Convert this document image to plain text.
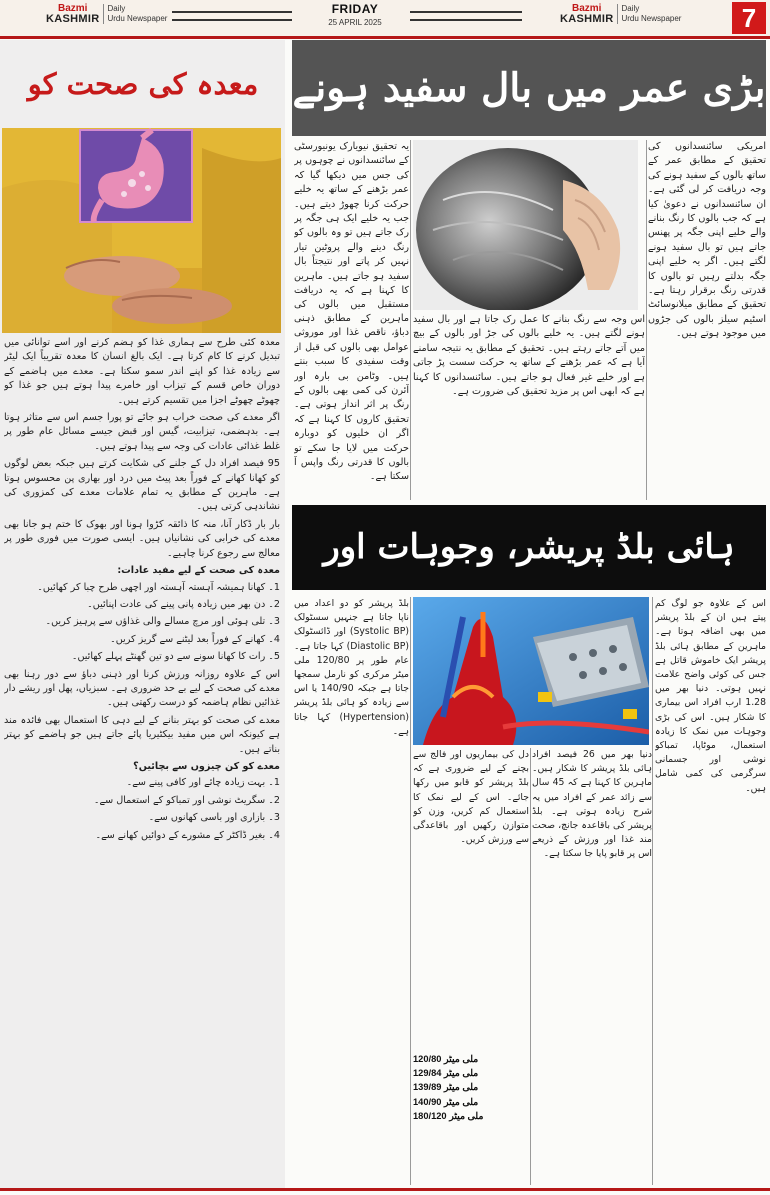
Bazmi
KASHMIR
Daily
Urdu Newspaper
FRIDAY
25 APRIL 2025
Bazmi
KASHMIR
Daily
Urdu Newspaper	7
معدہ کی صحت کو

معدہ کئی طرح سے ہماری غذا کو ہضم کرنے اور اسے توانائی میں تبدیل کرنے کا کام کرتا ہے۔ ایک بالغ انسان کا معدہ تقریباً ایک لیٹر سے زیادہ غذا کو اپنے اندر سمو سکتا ہے۔ معدے میں ہاضمے کے دوران خاص قسم کے تیزاب اور خامرے پیدا ہوتے ہیں جو غذا کو چھوٹے چھوٹے اجزا میں تقسیم کرتے ہیں۔

اگر معدے کی صحت خراب ہو جائے تو پورا جسم اس سے متاثر ہوتا ہے۔ بدہضمی، تیزابیت، گیس اور قبض جیسے مسائل عام طور پر غلط غذائی عادات کی وجہ سے پیدا ہوتے ہیں۔

95 فیصد افراد دل کے جلنے کی شکایت کرتے ہیں جبکہ بعض لوگوں کو کھانا کھانے کے فوراً بعد پیٹ میں درد اور بھاری پن محسوس ہوتا ہے۔ ماہرین کے مطابق یہ تمام علامات معدے کی کمزوری کی نشاندہی کرتی ہیں۔

بار بار ڈکار آنا، منہ کا ذائقہ کڑوا ہونا اور بھوک کا ختم ہو جانا بھی معدے کی خرابی کی نشانیاں ہیں۔ ایسی صورت میں فوری طور پر معالج سے رجوع کرنا چاہیے۔

معدہ کی صحت کے لیے مفید عادات:

1۔ کھانا ہمیشہ آہستہ آہستہ اور اچھی طرح چبا کر کھائیں۔

2۔ دن بھر میں زیادہ پانی پینے کی عادت اپنائیں۔

3۔ تلی ہوئی اور مرچ مسالے والی غذاؤں سے پرہیز کریں۔

4۔ کھانے کے فوراً بعد لیٹنے سے گریز کریں۔

5۔ رات کا کھانا سونے سے دو تین گھنٹے پہلے کھائیں۔

اس کے علاوہ روزانہ ورزش کرنا اور ذہنی دباؤ سے دور رہنا بھی معدے کی صحت کے لیے بے حد ضروری ہے۔ سبزیاں، پھل اور ریشے دار غذائیں نظام ہاضمہ کو درست رکھتی ہیں۔

معدے کی صحت کو بہتر بنانے کے لیے دہی کا استعمال بھی فائدہ مند ہے کیونکہ اس میں مفید بیکٹیریا پائے جاتے ہیں جو ہاضمے کو بہتر بناتے ہیں۔

معدے کو کن چیزوں سے بچائیں؟

1۔ بہت زیادہ چائے اور کافی پینے سے۔

2۔ سگریٹ نوشی اور تمباکو کے استعمال سے۔

3۔ بازاری اور باسی کھانوں سے۔

4۔ بغیر ڈاکٹر کے مشورے کے دوائیں کھانے سے۔

بڑی عمر میں بال سفید ہونے
امریکی سائنسدانوں کی تحقیق کے مطابق عمر کے ساتھ بالوں کے سفید ہونے کی وجہ دریافت کر لی گئی ہے۔ ان سائنسدانوں نے دعویٰ کیا ہے کہ جب بالوں کا رنگ بنانے والے خلیے اپنی جگہ پر پھنس جاتے ہیں تو بال سفید ہونے لگتے ہیں۔ اگر یہ خلیے اپنی جگہ بدلتے رہیں تو بالوں کا قدرتی رنگ برقرار رہتا ہے۔ تحقیق کے مطابق میلانوسائٹ اسٹیم سیلز بالوں کی جڑوں میں موجود ہوتے ہیں۔
یہ تحقیق نیویارک یونیورسٹی کے سائنسدانوں نے چوہوں پر کی جس میں دیکھا گیا کہ عمر بڑھنے کے ساتھ یہ خلیے حرکت کرنا چھوڑ دیتے ہیں۔ جب یہ خلیے ایک ہی جگہ پر رک جاتے ہیں تو وہ بالوں کو رنگ دینے والے پروٹین تیار نہیں کر پاتے اور نتیجتاً بال سفید ہو جاتے ہیں۔ ماہرین کا کہنا ہے کہ یہ دریافت مستقبل میں بالوں کی
ماہرین کے مطابق ذہنی دباؤ، ناقص غذا اور موروثی عوامل بھی بالوں کی قبل از وقت سفیدی کا سبب بنتے ہیں۔ وٹامن بی بارہ اور آئرن کی کمی بھی بالوں کے رنگ پر اثر انداز ہوتی ہے۔ تحقیق کاروں کا کہنا ہے کہ اگر ان خلیوں کو دوبارہ حرکت میں لایا جا سکے تو بالوں کا قدرتی رنگ واپس آ سکتا ہے۔
اس وجہ سے رنگ بنانے کا عمل رک جاتا ہے اور بال سفید ہونے لگتے ہیں۔ یہ خلیے بالوں کی جڑ اور بالوں کے بیچ میں آتے جاتے رہتے ہیں۔ تحقیق کے مطابق یہ نتیجہ سامنے آیا ہے کہ عمر بڑھنے کے ساتھ یہ حرکت سست پڑ جاتی ہے اور خلیے غیر فعال ہو جاتے ہیں۔ سائنسدانوں کا کہنا ہے کہ ابھی اس پر مزید تحقیق کی ضرورت ہے۔
ہائی بلڈ پریشر، وجوہات اور
اس کے علاوہ جو لوگ کم پیتے ہیں ان کے بلڈ پریشر میں بھی اضافہ ہوتا ہے۔ ماہرین کے مطابق ہائی بلڈ پریشر ایک خاموش قاتل ہے جس کی کوئی واضح علامت نہیں ہوتی۔ دنیا بھر میں 1.28 ارب افراد اس بیماری کا شکار ہیں۔ اس کی بڑی وجوہات میں نمک کا زیادہ استعمال، موٹاپا، تمباکو نوشی اور جسمانی سرگرمی کی کمی شامل ہیں۔
بلڈ پریشر کو دو اعداد میں ناپا جاتا ہے جنہیں سسٹولک (Systolic BP) اور ڈائسٹولک (Diastolic BP) کہا جاتا ہے۔ عام طور پر 120/80 ملی میٹر مرکری کو نارمل سمجھا جاتا ہے جبکہ 140/90 یا اس سے زیادہ کو ہائی بلڈ پریشر (Hypertension) کہا جاتا ہے۔
دنیا بھر میں 26 فیصد افراد ہائی بلڈ پریشر کا شکار ہیں۔ ماہرین کا کہنا ہے کہ 45 سال سے زائد عمر کے افراد میں یہ شرح زیادہ ہوتی ہے۔ بلڈ پریشر کی باقاعدہ جانچ، صحت مند غذا اور ورزش کے ذریعے اس پر قابو پایا جا سکتا ہے۔
دل کی بیماریوں اور فالج سے بچنے کے لیے ضروری ہے کہ بلڈ پریشر کو قابو میں رکھا جائے۔ اس کے لیے نمک کا استعمال کم کریں، وزن کو متوازن رکھیں اور باقاعدگی سے ورزش کریں۔
120/80 ملی میٹر
129/84 ملی میٹر
139/89 ملی میٹر
140/90 ملی میٹر
180/120 ملی میٹر
